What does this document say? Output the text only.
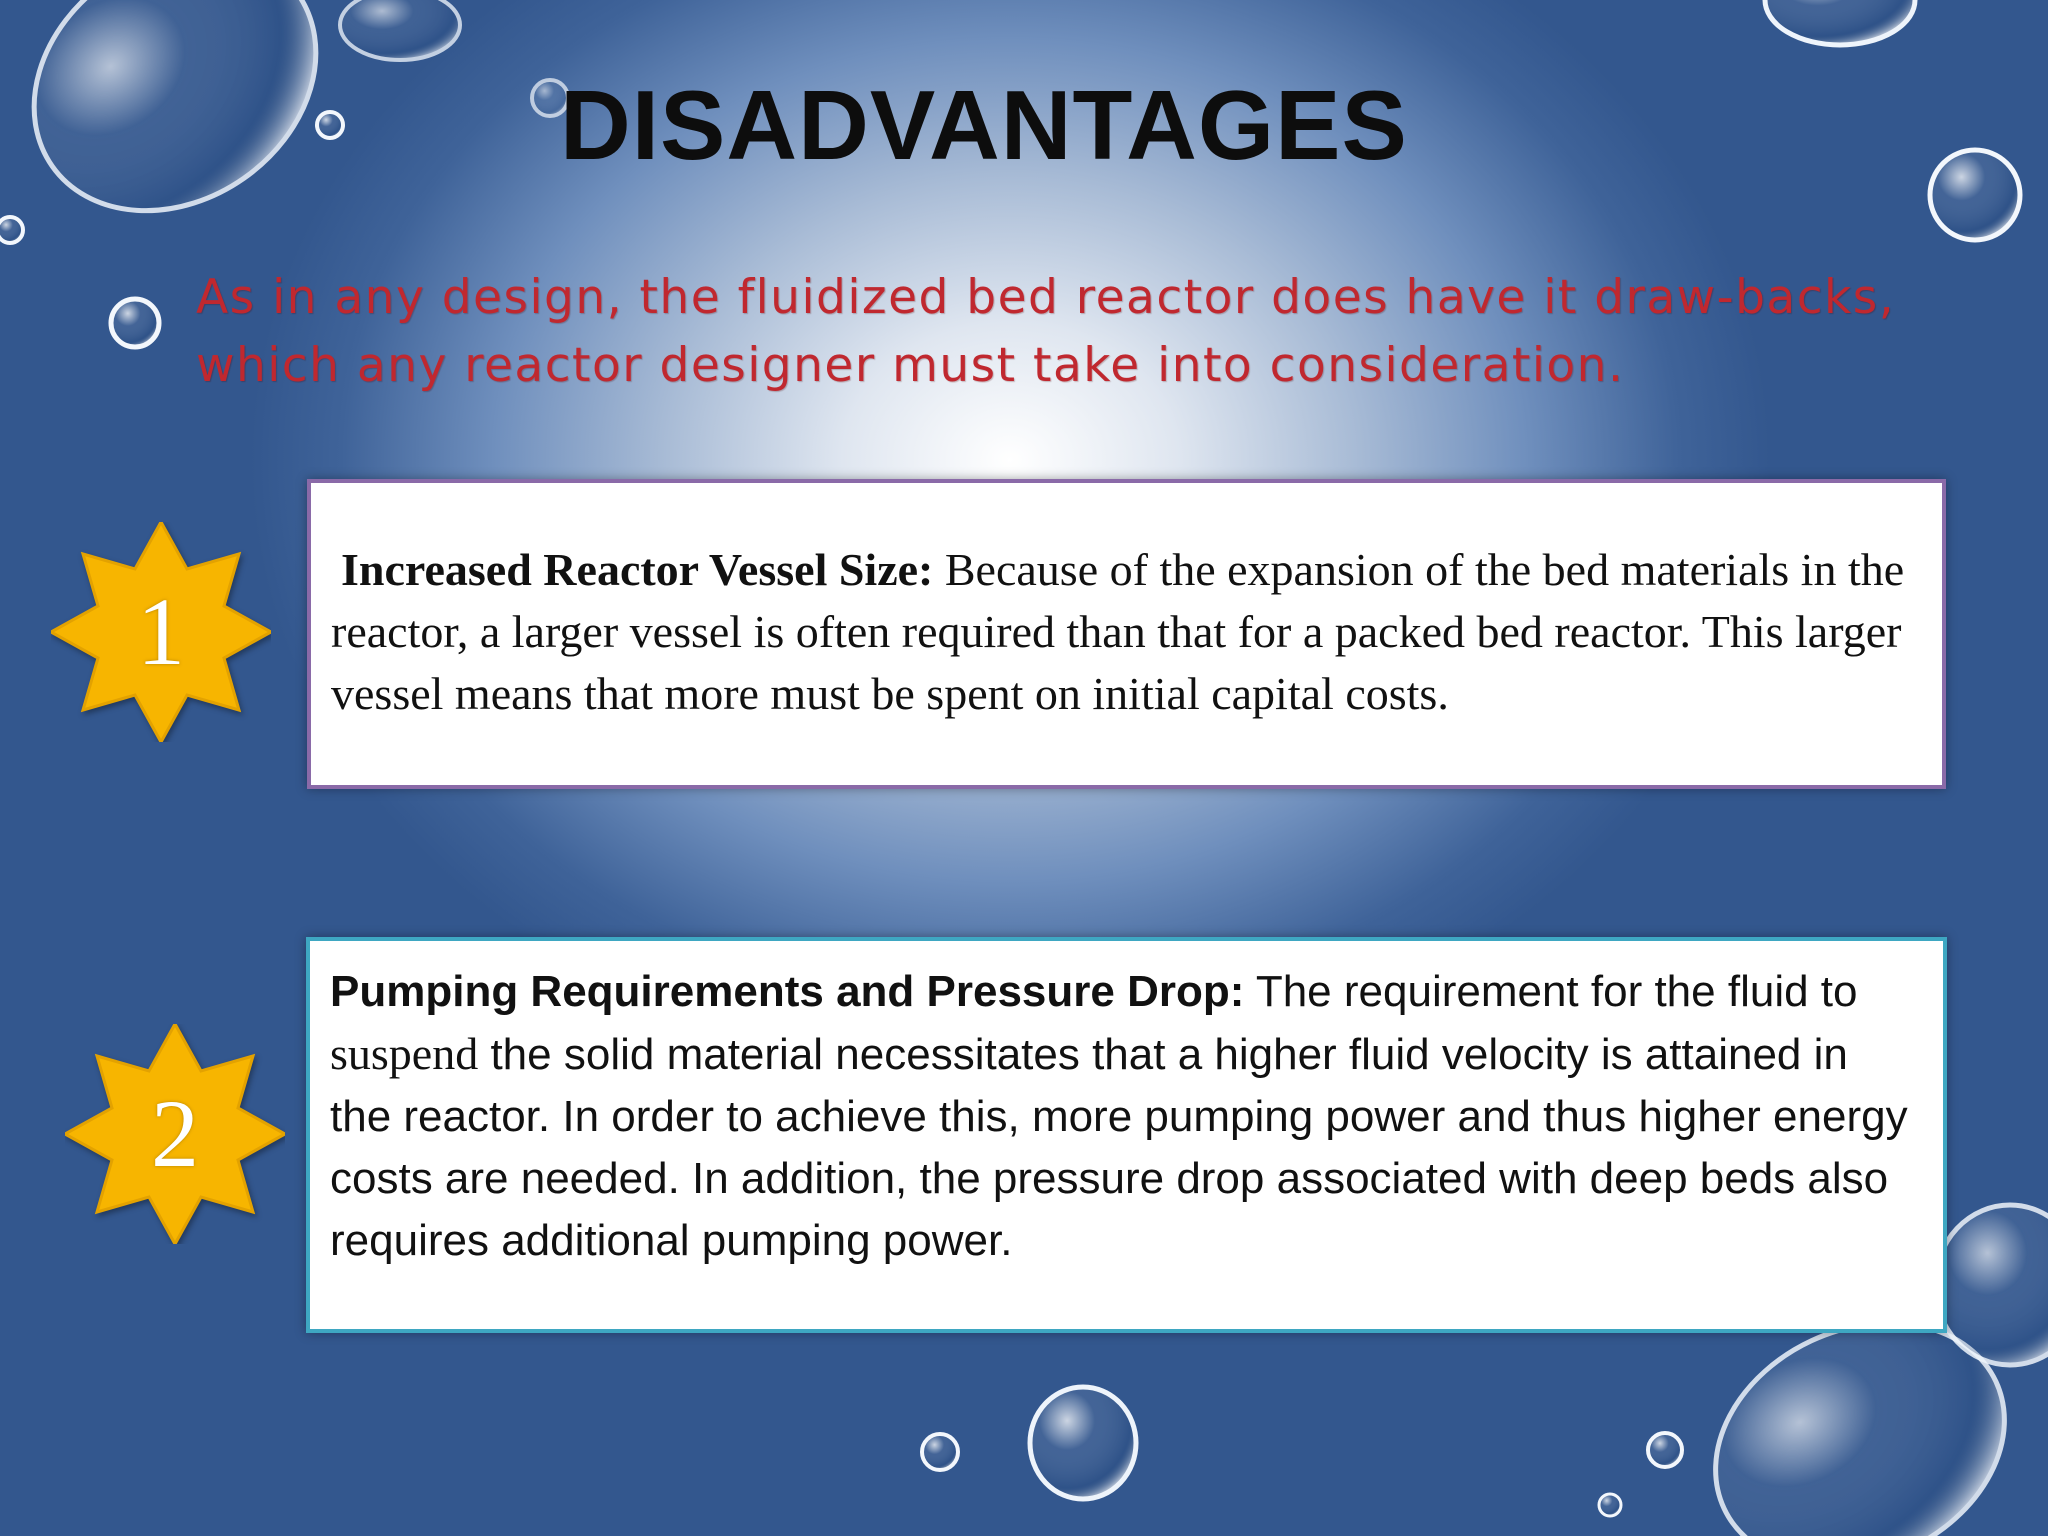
DISADVANTAGES

As in any design, the fluidized bed reactor does have it draw-backs, which any reactor designer must take into consideration.

1

Increased Reactor Vessel Size: Because of the expansion of the bed materials in the reactor, a larger vessel is often required than that for a packed bed reactor. This larger vessel means that more must be spent on initial capital costs.

2

Pumping Requirements and Pressure Drop: The requirement for the fluid to suspend the solid material necessitates that a higher fluid velocity is attained in the reactor. In order to achieve this, more pumping power and thus higher energy costs are needed. In addition, the pressure drop associated with deep beds also requires additional pumping power.
